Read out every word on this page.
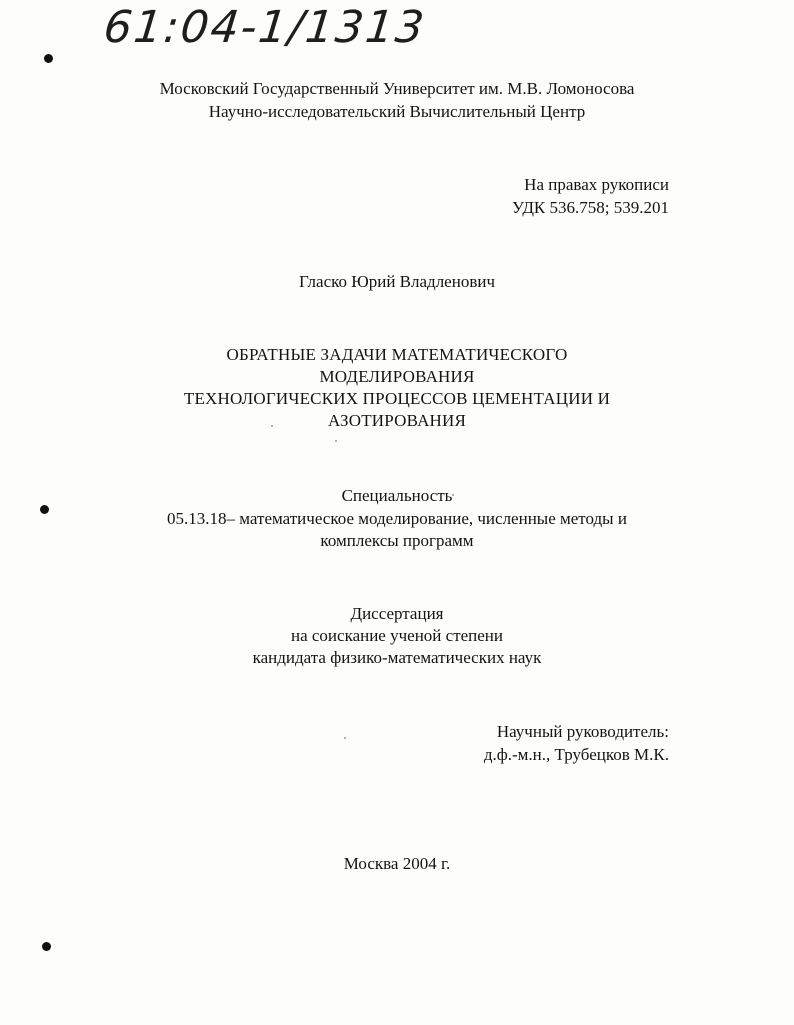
61:04-1/1313
Московский Государственный Университет им. М.В. Ломоносова
Научно-исследовательский Вычислительный Центр
На правах рукописи
УДК 536.758; 539.201
Гласко Юрий Владленович
ОБРАТНЫЕ ЗАДАЧИ МАТЕМАТИЧЕСКОГО
МОДЕЛИРОВАНИЯ
ТЕХНОЛОГИЧЕСКИХ ПРОЦЕССОВ ЦЕМЕНТАЦИИ И
АЗОТИРОВАНИЯ
Специальность
05.13.18– математическое моделирование, численные методы и
комплексы программ
Диссертация
на соискание ученой степени
кандидата физико-математических наук
Научный руководитель:
д.ф.-м.н., Трубецков М.К.
Москва 2004 г.
